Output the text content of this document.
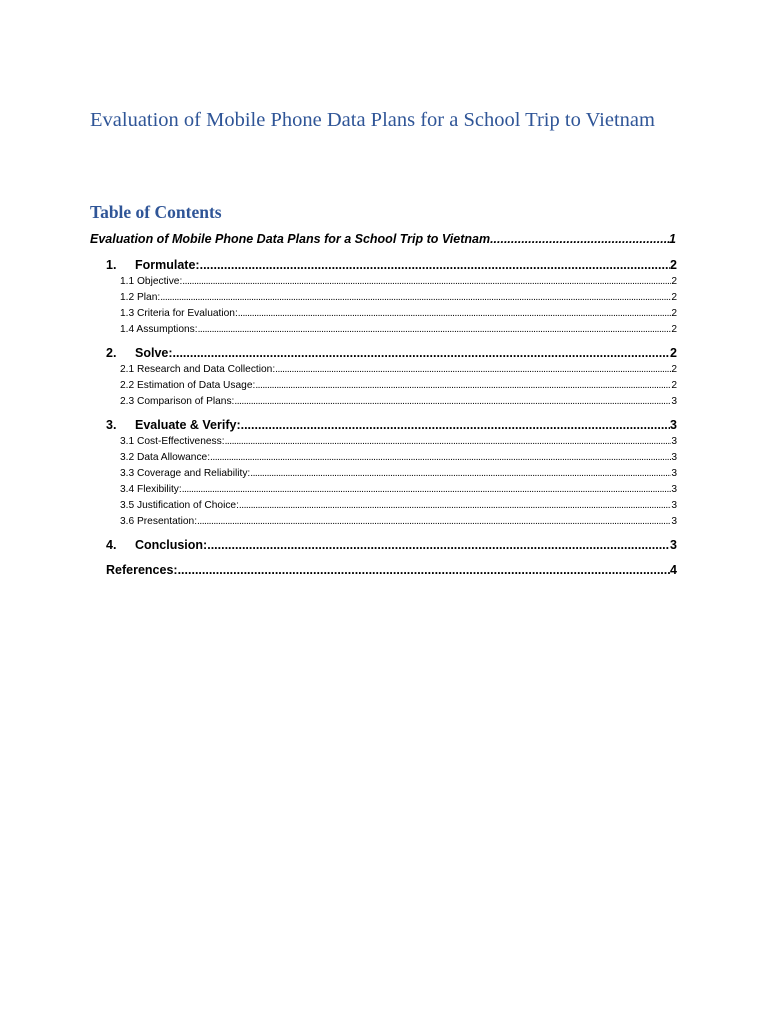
Evaluation of Mobile Phone Data Plans for a School Trip to Vietnam
Table of Contents
Evaluation of Mobile Phone Data Plans for a School Trip to Vietnam .....	1
1.	Formulate: .....	2
1.1 Objective: .....	2
1.2 Plan: .....	2
1.3 Criteria for Evaluation: .....	2
1.4 Assumptions: .....	2
2.	Solve: .....	2
2.1 Research and Data Collection: .....	2
2.2 Estimation of Data Usage: .....	2
2.3 Comparison of Plans: .....	3
3.	Evaluate & Verify: .....	3
3.1 Cost-Effectiveness: .....	3
3.2 Data Allowance: .....	3
3.3 Coverage and Reliability: .....	3
3.4 Flexibility: .....	3
3.5 Justification of Choice: .....	3
3.6 Presentation: .....	3
4.	Conclusion: .....	3
References: .....	4
